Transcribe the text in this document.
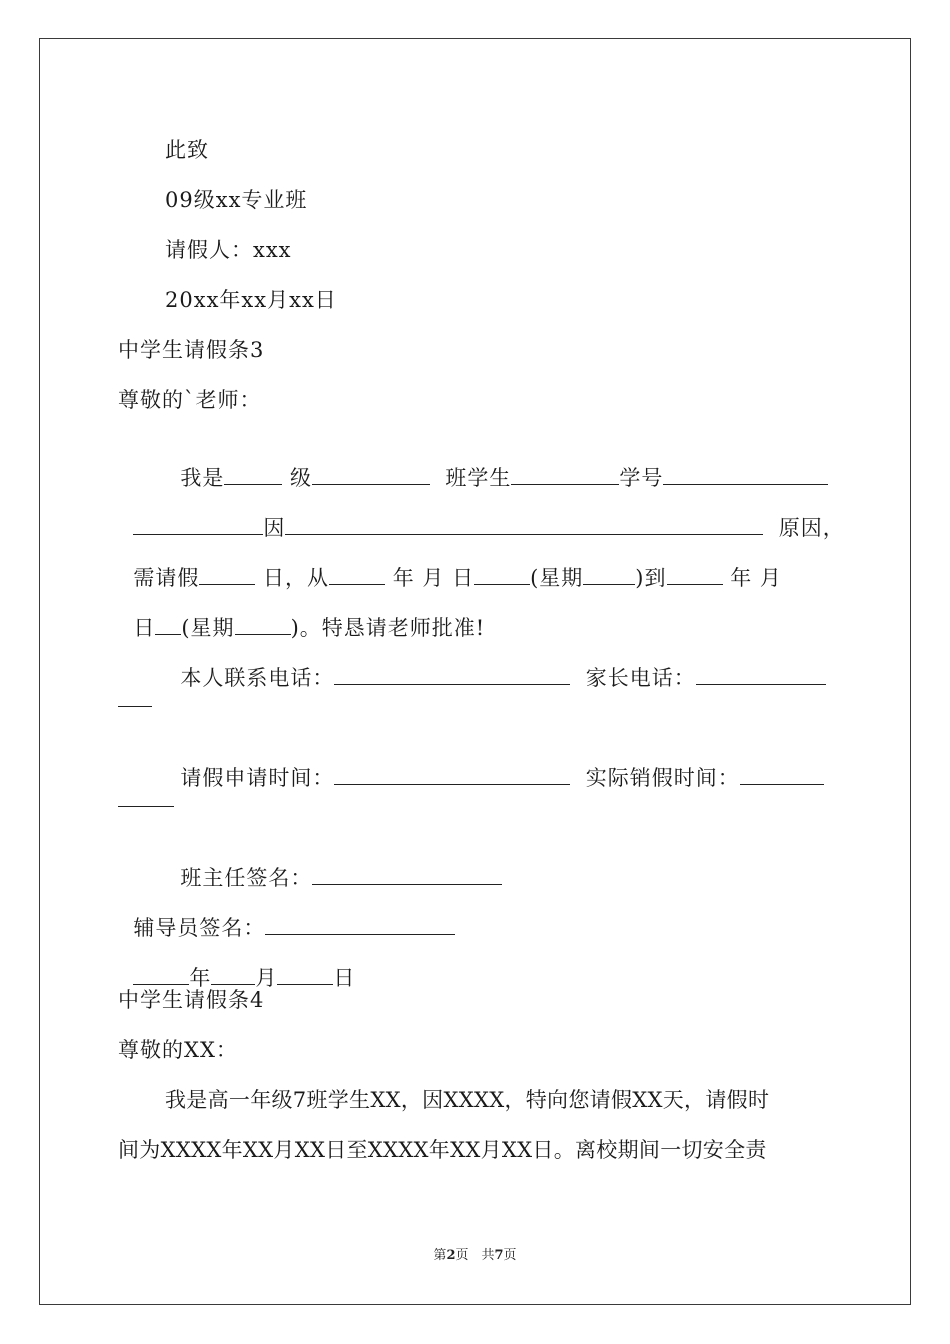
此致
09级xx专业班
请假人：xxx
20xx年xx月xx日
中学生请假条3
尊敬的`老师：

我是	级	班学生	学号

因	原因，

需请假	日，从	年 月 日	(星期 )到	年 月

日 (星期	)。特恳请老师批准!

本人联系电话：	家长电话：

请假申请时间：	实际销假时间：

班主任签名：

辅导员签名：

年 月	日

中学生请假条4
尊敬的XX：
我是高一年级7班学生XX，因XXXX，特向您请假XX天，请假时
间为XXXX年XX月XX日至XXXX年XX月XX日。离校期间一切安全责
第2页　共7页
